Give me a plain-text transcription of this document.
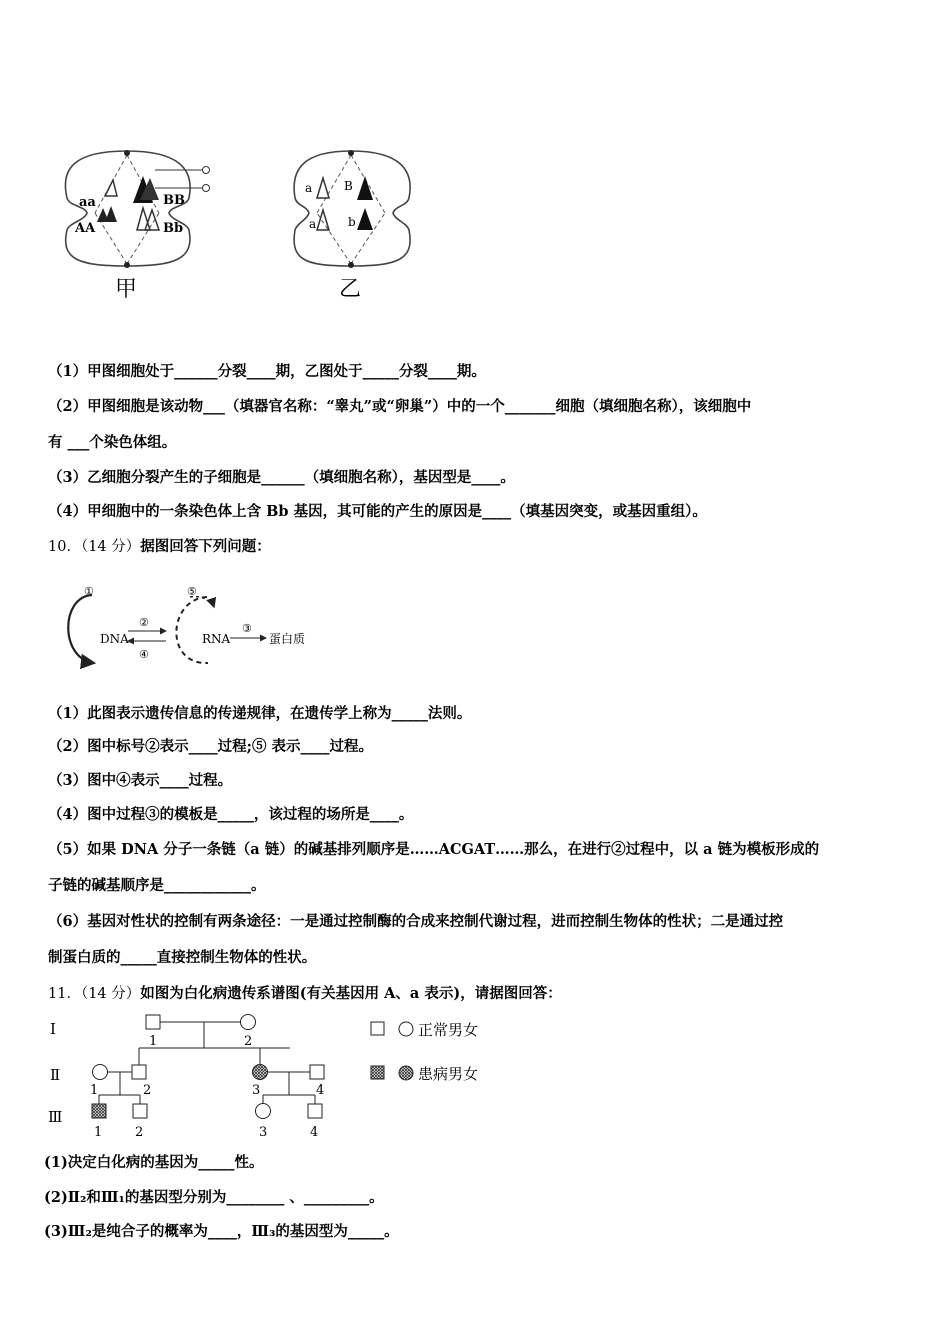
aa
AA
BB
Bb
甲
a
a
B
b
乙
（1）甲图细胞处于______分裂____期，乙图处于_____分裂____期。
（2）甲图细胞是该动物___（填器官名称：“睾丸”或“卵巢”）中的一个_______细胞（填细胞名称），该细胞中
有 ___个染色体组。
（3）乙细胞分裂产生的子细胞是______（填细胞名称），基因型是____。
（4）甲细胞中的一条染色体上含 Bb 基因，其可能的产生的原因是____（填基因突变，或基因重组）。
10．（14 分）据图回答下列问题：
①
DNA
②
④
⑤
RNA
③
蛋白质
（1）此图表示遗传信息的传递规律，在遗传学上称为_____法则。
（2）图中标号②表示____过程;⑤ 表示____过程。
（3）图中④表示____过程。
（4）图中过程③的模板是_____，该过程的场所是____。
（5）如果 DNA 分子一条链（a 链）的碱基排列顺序是……ACGAT……那么，在进行②过程中，以 a 链为模板形成的
子链的碱基顺序是____________。
（6）基因对性状的控制有两条途径：一是通过控制酶的合成来控制代谢过程，进而控制生物体的性状；二是通过控
制蛋白质的_____直接控制生物体的性状。
11．（14 分）如图为白化病遗传系谱图(有关基因用 A、a 表示)，请据图回答：
Ⅰ
Ⅱ
Ⅲ
1	2
1	2	3	4
1	2	3	4
正常男女
患病男女
(1)决定白化病的基因为_____性。
(2)Ⅱ₂和Ⅲ₁的基因型分别为________ 、_________。
(3)Ⅲ₂是纯合子的概率为____，Ⅲ₃的基因型为_____。
